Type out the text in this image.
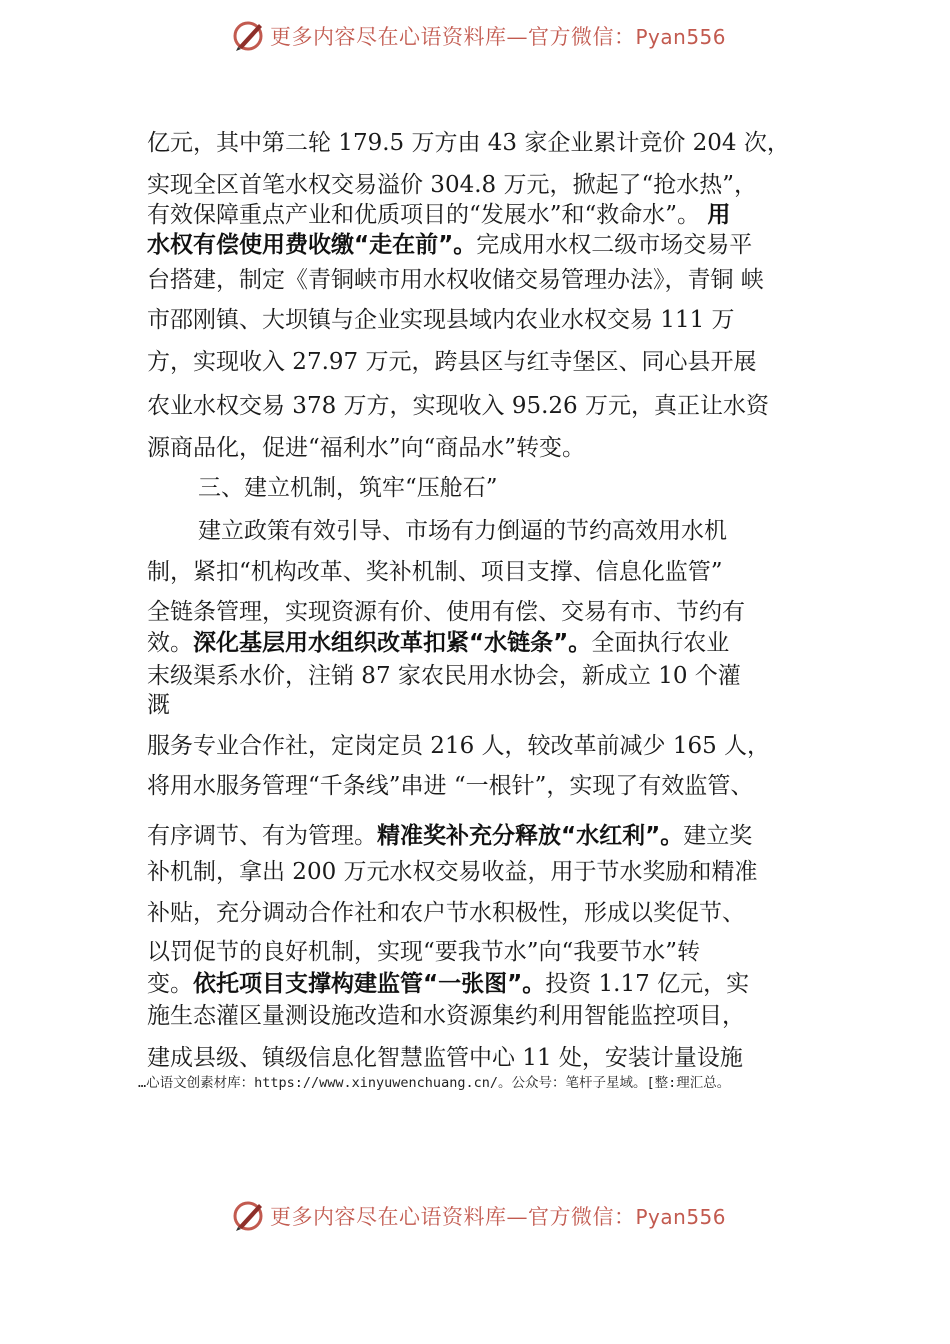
更多内容尽在心语资料库—官方微信：Pyan556
亿元，其中第二轮 179.5 万方由 43 家企业累计竞价 204 次，
实现全区首笔水权交易溢价 304.8 万元，掀起了“抢水热”，
有效保障重点产业和优质项目的“发展水”和“救命水”。 用
水权有偿使用费收缴“走在前”。完成用水权二级市场交易平
台搭建，制定《青铜峡市用水权收储交易管理办法》，青铜 峡
市邵刚镇、大坝镇与企业实现县域内农业水权交易 111 万
方，实现收入 27.97 万元，跨县区与红寺堡区、同心县开展
农业水权交易 378 万方，实现收入 95.26 万元，真正让水资
源商品化，促进“福利水”向“商品水”转变。
三、建立机制，筑牢“压舱石”
建立政策有效引导、市场有力倒逼的节约高效用水机
制，紧扣“机构改革、奖补机制、项目支撑、信息化监管”
全链条管理，实现资源有价、使用有偿、交易有市、节约有
效。深化基层用水组织改革扣紧“水链条”。全面执行农业
末级渠系水价，注销 87 家农民用水协会，新成立 10 个灌
溉
服务专业合作社，定岗定员 216 人，较改革前减少 165 人，
将用水服务管理“千条线”串进 “一根针”，实现了有效监管、
有序调节、有为管理。精准奖补充分释放“水红利”。建立奖
补机制，拿出 200 万元水权交易收益，用于节水奖励和精准
补贴，充分调动合作社和农户节水积极性，形成以奖促节、
以罚促节的良好机制，实现“要我节水”向“我要节水”转
变。依托项目支撑构建监管“一张图”。投资 1.17 亿元，实
施生态灌区量测设施改造和水资源集约利用智能监控项目，
建成县级、镇级信息化智慧监管中心 11 处，安装计量设施
…心语文创素材库：https://www.xinyuwenchuang.cn/。公众号：笔杆子星域。[整:理汇总。
更多内容尽在心语资料库—官方微信：Pyan556
